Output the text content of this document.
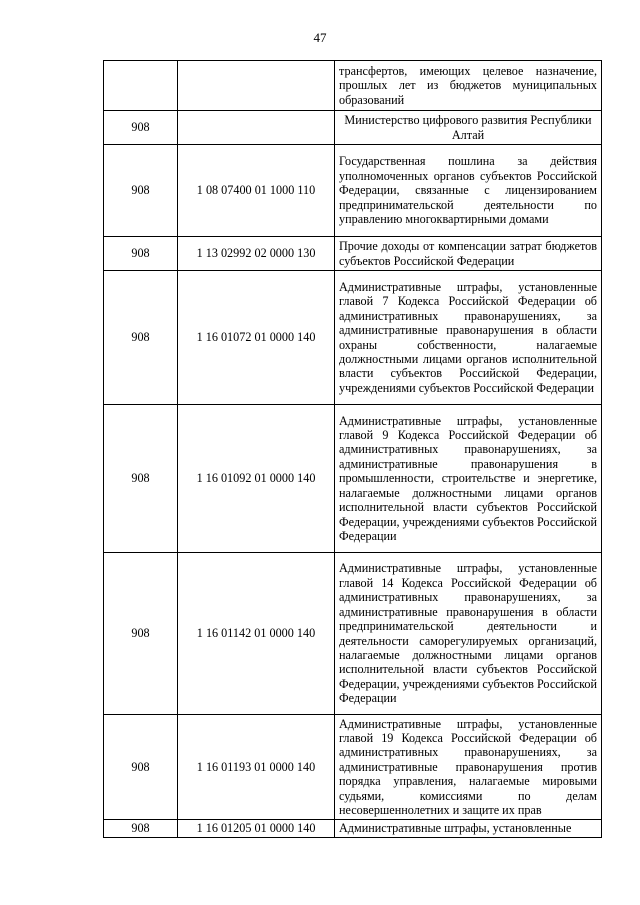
47
		трансфертов, имеющих целевое назначение, прошлых лет из бюджетов муниципальных образований
908		Министерство цифрового развития Республики Алтай
908	1 08 07400 01 1000 110	Государственная пошлина за действия уполномоченных органов субъектов Российской Федерации, связанные с лицензированием предпринимательской деятельности по управлению многоквартирными домами
908	1 13 02992 02 0000 130	Прочие доходы от компенсации затрат бюджетов субъектов Российской Федерации
908	1 16 01072 01 0000 140	Административные штрафы, установленные главой 7 Кодекса Российской Федерации об административных правонарушениях, за административные правонарушения в области охраны собственности, налагаемые должностными лицами органов исполнительной власти субъектов Российской Федерации, учреждениями субъектов Российской Федерации
908	1 16 01092 01 0000 140	Административные штрафы, установленные главой 9 Кодекса Российской Федерации об административных правонарушениях, за административные правонарушения в промышленности, строительстве и энергетике, налагаемые должностными лицами органов исполнительной власти субъектов Российской Федерации, учреждениями субъектов Российской Федерации
908	1 16 01142 01 0000 140	Административные штрафы, установленные главой 14 Кодекса Российской Федерации об административных правонарушениях, за административные правонарушения в области предпринимательской деятельности и деятельности саморегулируемых организаций, налагаемые должностными лицами органов исполнительной власти субъектов Российской Федерации, учреждениями субъектов Российской Федерации
908	1 16 01193 01 0000 140	Административные штрафы, установленные главой 19 Кодекса Российской Федерации об административных правонарушениях, за административные правонарушения против порядка управления, налагаемые мировыми судьями, комиссиями по делам несовершеннолетних и защите их прав
908	1 16 01205 01 0000 140	Административные штрафы, установленные
